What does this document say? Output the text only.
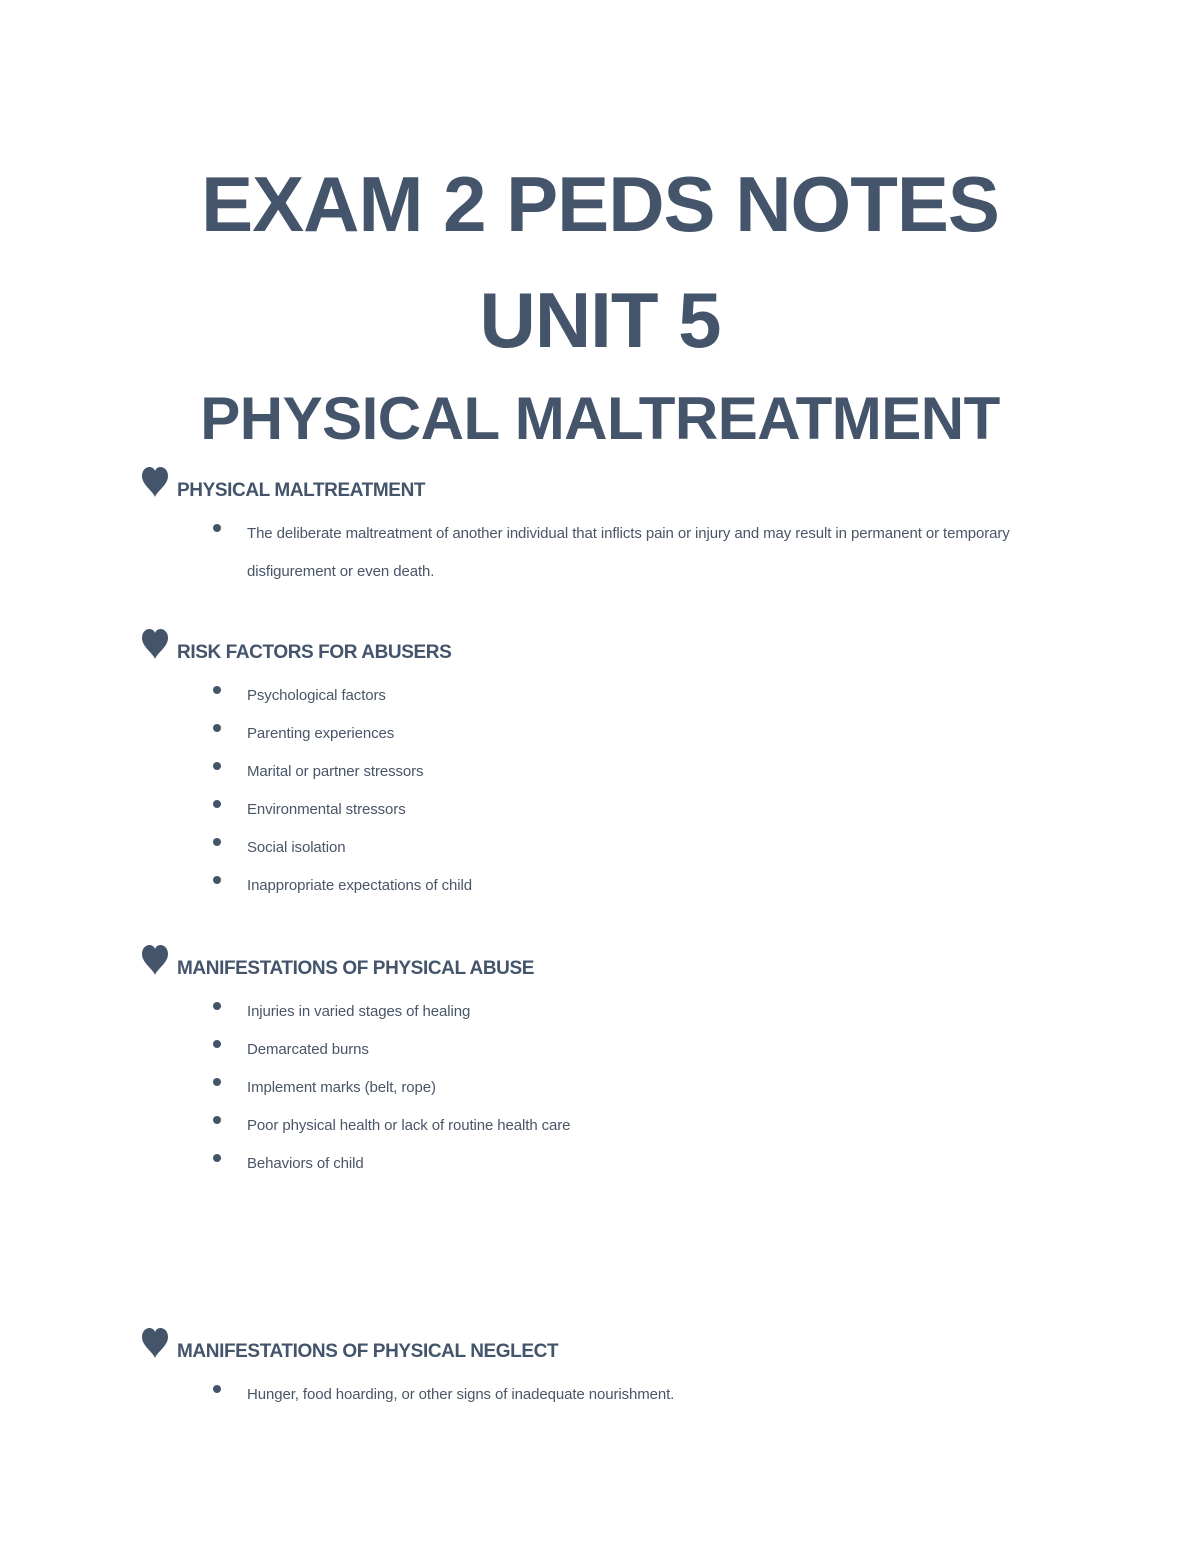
EXAM 2 PEDS NOTES
UNIT 5
PHYSICAL MALTREATMENT
PHYSICAL MALTREATMENT
The deliberate maltreatment of another individual that inflicts pain or injury and may result in permanent or temporary disfigurement or even death.
RISK FACTORS FOR ABUSERS
Psychological factors
Parenting experiences
Marital or partner stressors
Environmental stressors
Social isolation
Inappropriate expectations of child
MANIFESTATIONS OF PHYSICAL ABUSE
Injuries in varied stages of healing
Demarcated burns
Implement marks (belt, rope)
Poor physical health or lack of routine health care
Behaviors of child
MANIFESTATIONS OF PHYSICAL NEGLECT
Hunger, food hoarding, or other signs of inadequate nourishment.
